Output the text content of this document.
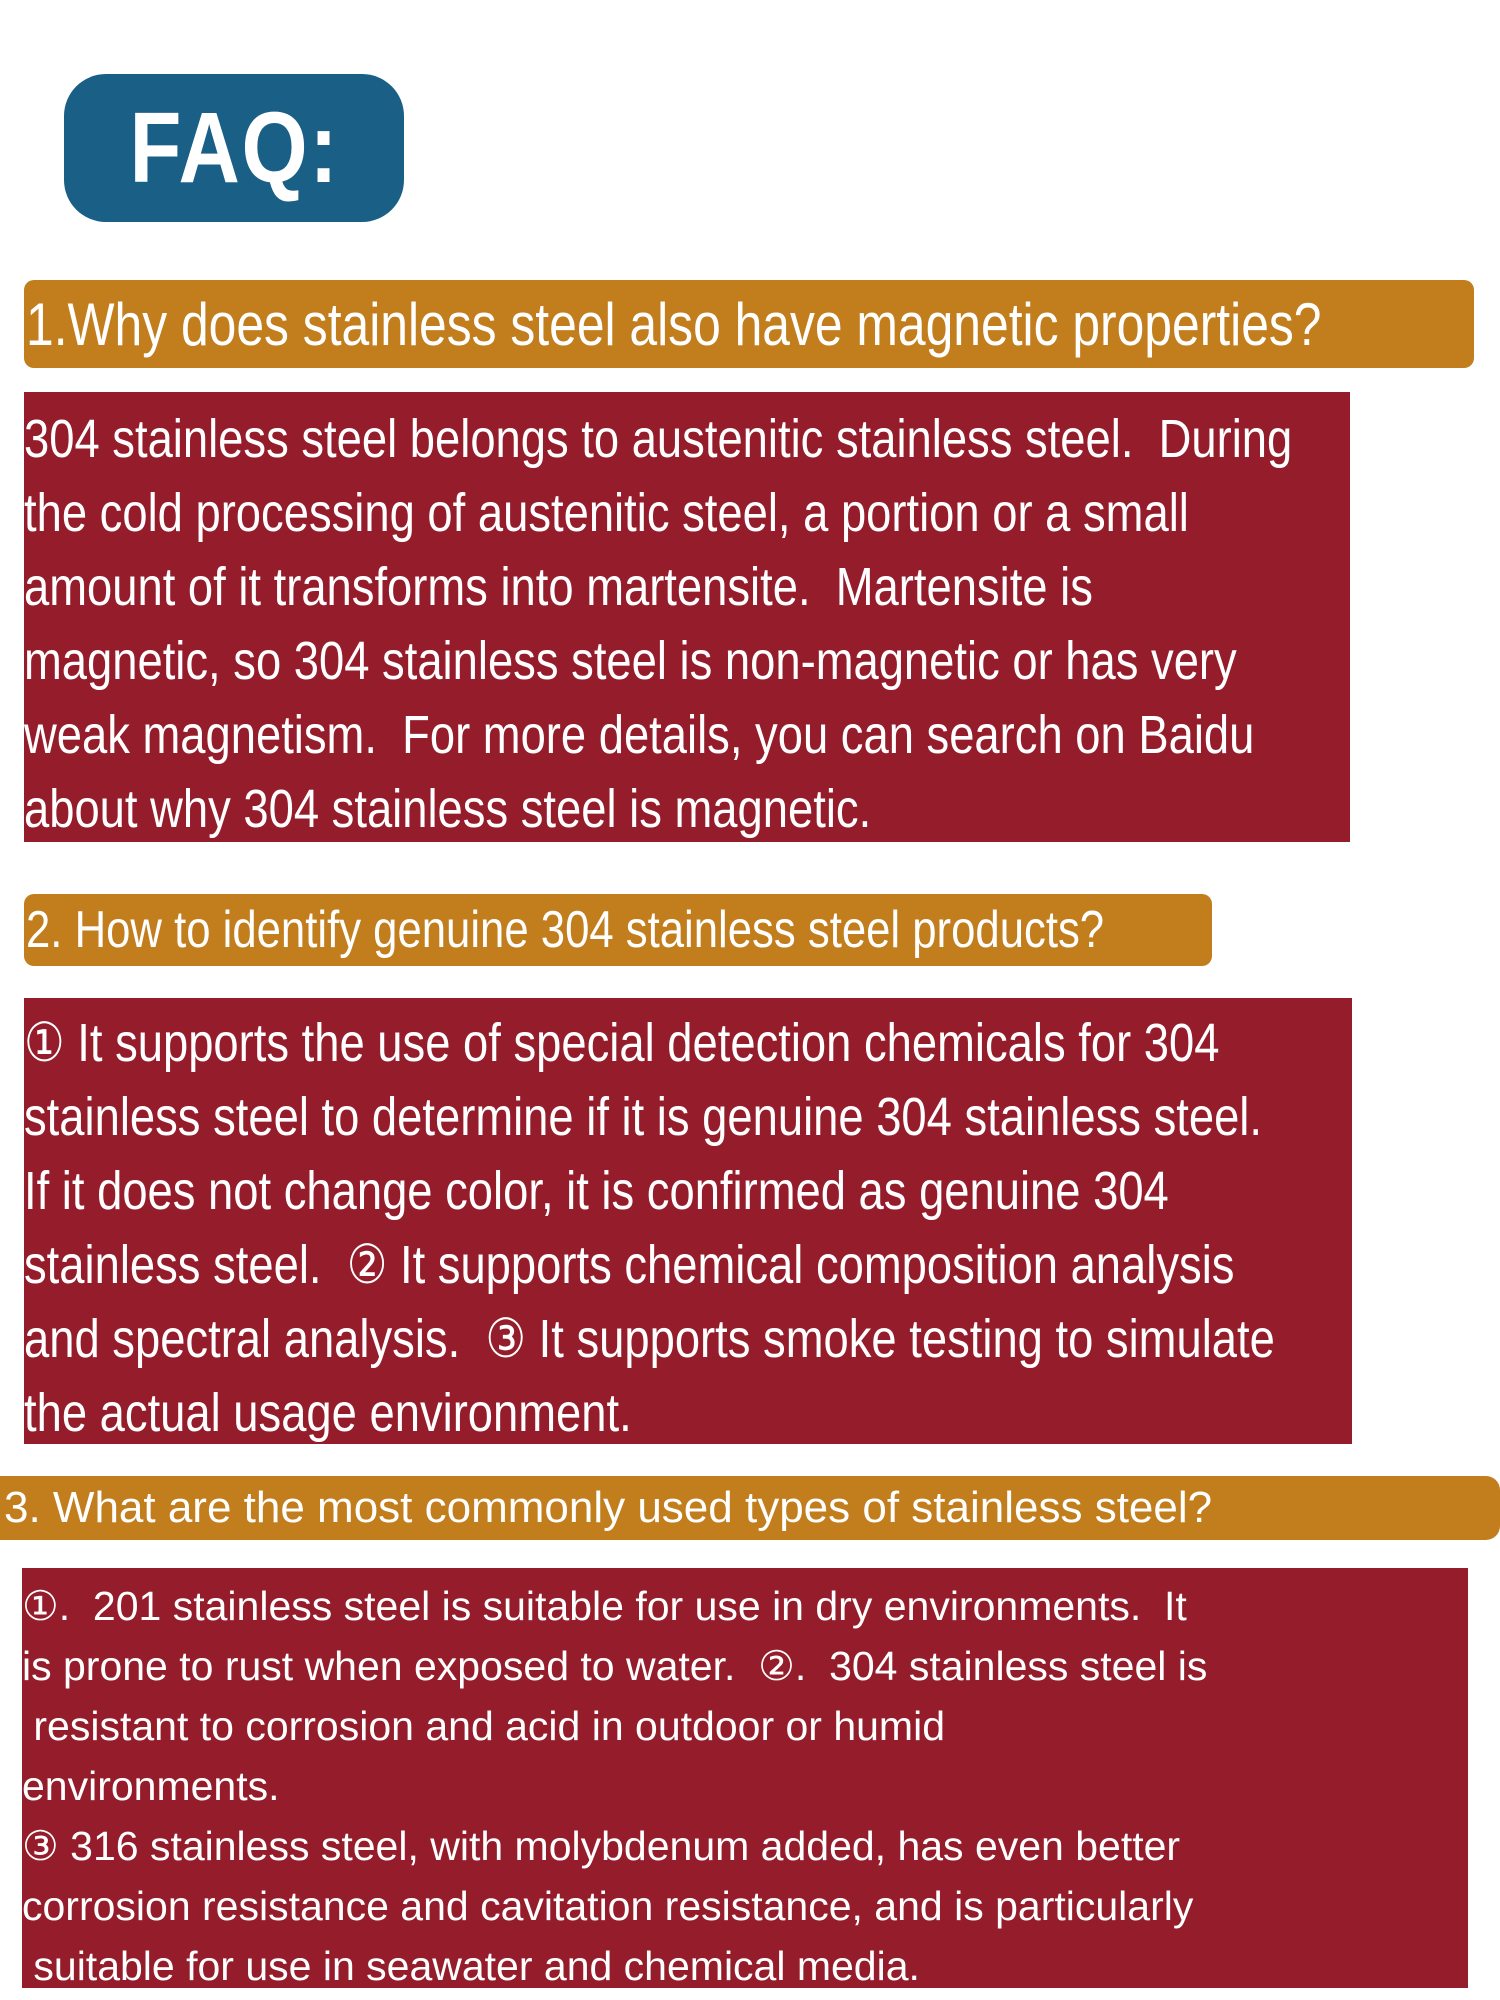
FAQ:
1.Why does stainless steel also have magnetic properties?
304 stainless steel belongs to austenitic stainless steel.  During
the cold processing of austenitic steel, a portion or a small
amount of it transforms into martensite.  Martensite is
magnetic, so 304 stainless steel is non-magnetic or has very
weak magnetism.  For more details, you can search on Baidu
about why 304 stainless steel is magnetic.
2. How to identify genuine 304 stainless steel products?
① It supports the use of special detection chemicals for 304
stainless steel to determine if it is genuine 304 stainless steel.
If it does not change color, it is confirmed as genuine 304
stainless steel.  ② It supports chemical composition analysis
and spectral analysis.  ③ It supports smoke testing to simulate
the actual usage environment.
3. What are the most commonly used types of stainless steel?
①.  201 stainless steel is suitable for use in dry environments.  It
is prone to rust when exposed to water.  ②.  304 stainless steel is
resistant to corrosion and acid in outdoor or humid
environments.
③ 316 stainless steel, with molybdenum added, has even better
corrosion resistance and cavitation resistance, and is particularly
suitable for use in seawater and chemical media.
